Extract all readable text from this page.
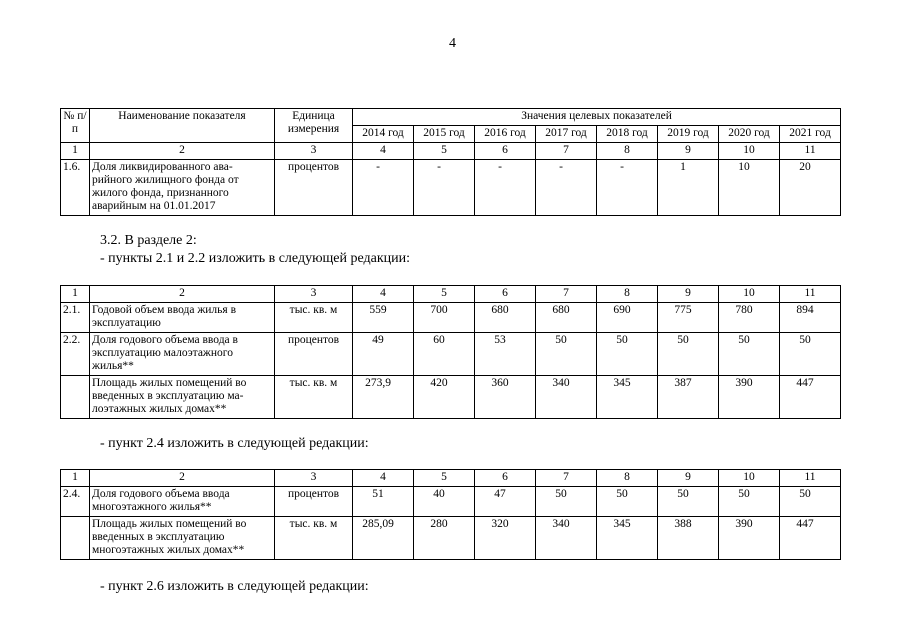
4
№ п/п	Наименование показателя	Единица измерения	Значения целевых показателей							
			2014 год	2015 год	2016 год	2017 год	2018 год	2019 год	2020 год	2021 год
1	2	3	4	5	6	7	8	9	10	11
1.6.	Доля ликвидированного ава-рийного жилищного фонда от жилого фонда, признанного аварийным на 01.01.2017	процентов	-	-	-	-	-	1	10	20
3.2. В разделе 2:
- пункты 2.1 и 2.2 изложить в следующей редакции:
1	2	3	4	5	6	7	8	9	10	11
2.1.	Годовой объем ввода жилья в эксплуатацию	тыс. кв. м	559	700	680	680	690	775	780	894
2.2.	Доля годового объема ввода в эксплуатацию малоэтажного жилья**	процентов	49	60	53	50	50	50	50	50
	Площадь жилых помещений во введенных в эксплуатацию ма-лоэтажных жилых домах**	тыс. кв. м	273,9	420	360	340	345	387	390	447
- пункт 2.4 изложить в следующей редакции:
1	2	3	4	5	6	7	8	9	10	11
2.4.	Доля годового объема ввода многоэтажного жилья**	процентов	51	40	47	50	50	50	50	50
	Площадь жилых помещений во введенных в эксплуатацию многоэтажных жилых домах**	тыс. кв. м	285,09	280	320	340	345	388	390	447
- пункт 2.6 изложить в следующей редакции:
